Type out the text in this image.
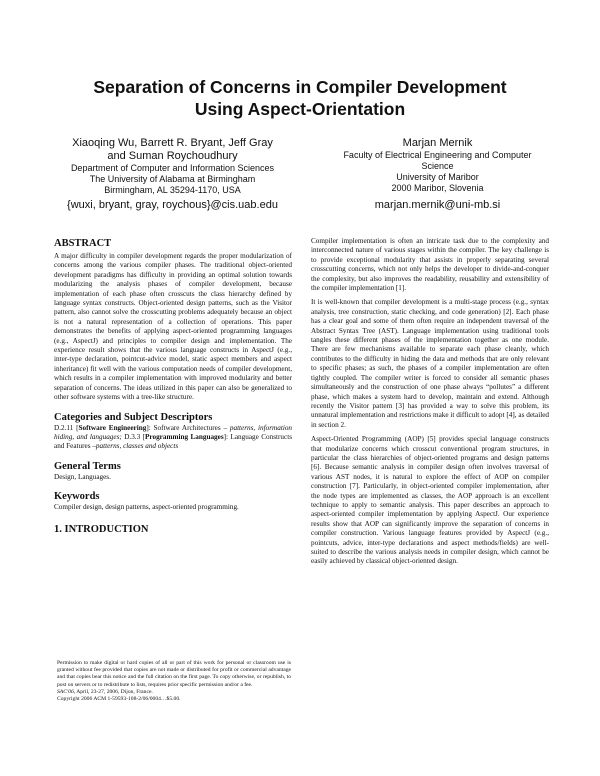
Separation of Concerns in Compiler Development
Using Aspect-Orientation
Xiaoqing Wu, Barrett R. Bryant, Jeff Gray
and Suman Roychoudhury
Department of Computer and Information Sciences
The University of Alabama at Birmingham
Birmingham, AL 35294-1170, USA
{wuxi, bryant, gray, roychous}@cis.uab.edu
Marjan Mernik
Faculty of Electrical Engineering and Computer
Science
University of Maribor
2000 Maribor, Slovenia
marjan.mernik@uni-mb.si
ABSTRACT

A major difficulty in compiler development regards the proper modularization of concerns among the various compiler phases. The traditional object-oriented development paradigms has difficulty in providing an optimal solution towards modularizing the analysis phases of compiler development, because implementation of each phase often crosscuts the class hierarchy defined by language syntax constructs. Object-oriented design patterns, such as the Visitor pattern, also cannot solve the crosscutting problems adequately because an object is not a natural representation of a collection of operations. This paper demonstrates the benefits of applying aspect-oriented programming languages (e.g., AspectJ) and principles to compiler design and implementation. The experience result shows that the various language constructs in AspectJ (e.g., inter-type declaration, pointcut-advice model, static aspect members and aspect inheritance) fit well with the various computation needs of compiler development, which results in a compiler implementation with improved modularity and better separation of concerns. The ideas utilized in this paper can also be generalized to other software systems with a tree-like structure.

Categories and Subject Descriptors

D.2.11 [Software Engineering]: Software Architectures – patterns, information hiding, and languages; D.3.3 [Programming Languages]: Language Constructs and Features –patterns, classes and objects

General Terms

Design, Languages.

Keywords

Compiler design, design patterns, aspect-oriented programming.

1. INTRODUCTION

Permission to make digital or hard copies of all or part of this work for personal or classroom use is granted without fee provided that copies are not made or distributed for profit or commercial advantage and that copies bear this notice and the full citation on the first page. To copy otherwise, or republish, to post on servers or to redistribute to lists, requires prior specific permission and/or a fee.

SAC'06, April, 23-27, 2006, Dijon, France.

Copyright 2006 ACM 1-59593-108-2/06/0004…$5.00.

Compiler implementation is often an intricate task due to the complexity and interconnected nature of various stages within the compiler. The key challenge is to provide exceptional modularity that assists in properly separating several crosscutting concerns, which not only helps the developer to divide-and-conquer the complexity, but also improves the readability, reusability and extensibility of the compiler implementation [1].

It is well-known that compiler development is a multi-stage process (e.g., syntax analysis, tree construction, static checking, and code generation) [2]. Each phase has a clear goal and some of them often require an independent traversal of the Abstract Syntax Tree (AST). Language implementation using traditional tools tangles these different phases of the implementation together as one module. There are few mechanisms available to separate each phase cleanly, which contributes to the difficulty in hiding the data and methods that are only relevant to specific phases; as such, the phases of a compiler implementation are often tightly coupled. The compiler writer is forced to consider all semantic phases simultaneously and the construction of one phase always “pollutes” a different phase, which makes a system hard to develop, maintain and extend. Although recently the Visitor pattern [3] has provided a way to solve this problem, its unnatural implementation and restrictions make it difficult to adopt [4], as detailed in section 2.

Aspect-Oriented Programming (AOP) [5] provides special language constructs that modularize concerns which crosscut conventional program structures, in particular the class hierarchies of object-oriented programs and design patterns [6]. Because semantic analysis in compiler design often involves traversal of various AST nodes, it is natural to explore the effect of AOP on compiler construction [7]. Particularly, in object-oriented compiler implementation, after the node types are implemented as classes, the AOP approach is an excellent technique to apply to semantic analysis. This paper describes an approach to aspect-oriented compiler implementation by applying AspectJ. Our experience results show that AOP can significantly improve the separation of concerns in compiler construction. Various language features provided by AspectJ (e.g., pointcuts, advice, inter-type declarations and aspect methods/fields) are well-suited to describe the various analysis needs in compiler design, which cannot be easily achieved by classical object-oriented design.
